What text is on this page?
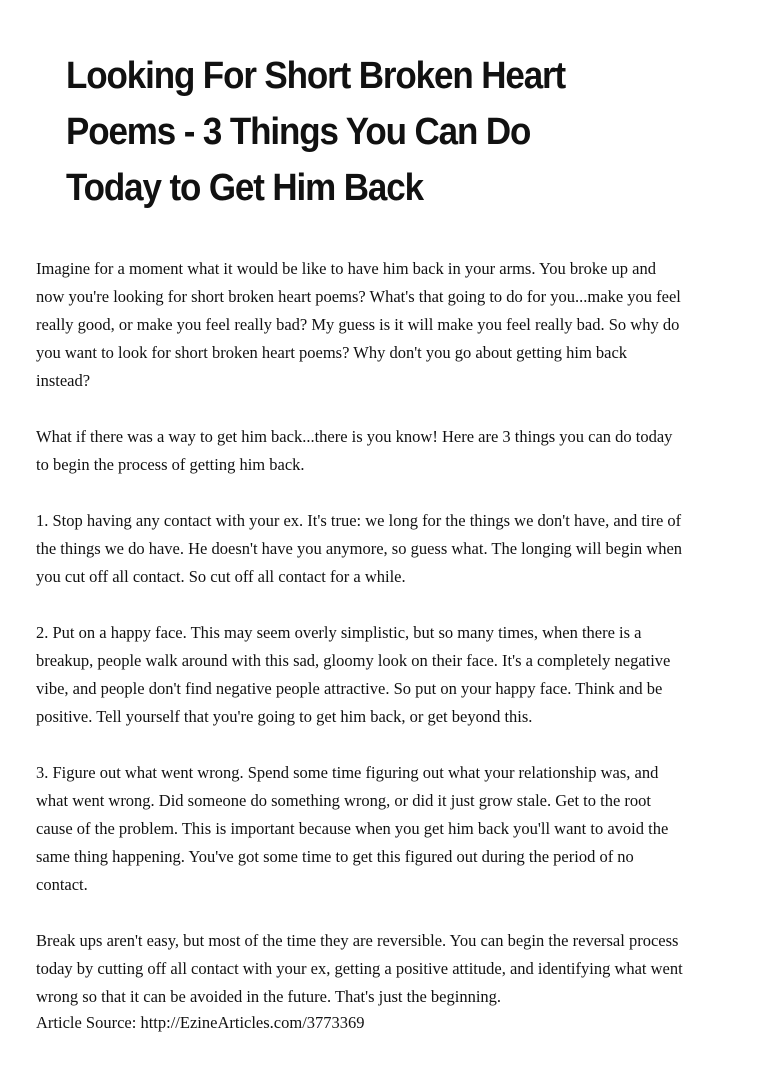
Looking For Short Broken Heart
Poems - 3 Things You Can Do
Today to Get Him Back

Imagine for a moment what it would be like to have him back in your arms. You broke up and
now you're looking for short broken heart poems? What's that going to do for you...make you feel
really good, or make you feel really bad? My guess is it will make you feel really bad. So why do
you want to look for short broken heart poems? Why don't you go about getting him back
instead?

What if there was a way to get him back...there is you know! Here are 3 things you can do today
to begin the process of getting him back.

1. Stop having any contact with your ex. It's true: we long for the things we don't have, and tire of
the things we do have. He doesn't have you anymore, so guess what. The longing will begin when
you cut off all contact. So cut off all contact for a while.

2. Put on a happy face. This may seem overly simplistic, but so many times, when there is a
breakup, people walk around with this sad, gloomy look on their face. It's a completely negative
vibe, and people don't find negative people attractive. So put on your happy face. Think and be
positive. Tell yourself that you're going to get him back, or get beyond this.

3. Figure out what went wrong. Spend some time figuring out what your relationship was, and
what went wrong. Did someone do something wrong, or did it just grow stale. Get to the root
cause of the problem. This is important because when you get him back you'll want to avoid the
same thing happening. You've got some time to get this figured out during the period of no
contact.

Break ups aren't easy, but most of the time they are reversible. You can begin the reversal process
today by cutting off all contact with your ex, getting a positive attitude, and identifying what went
wrong so that it can be avoided in the future. That's just the beginning.

Article Source: http://EzineArticles.com/3773369
